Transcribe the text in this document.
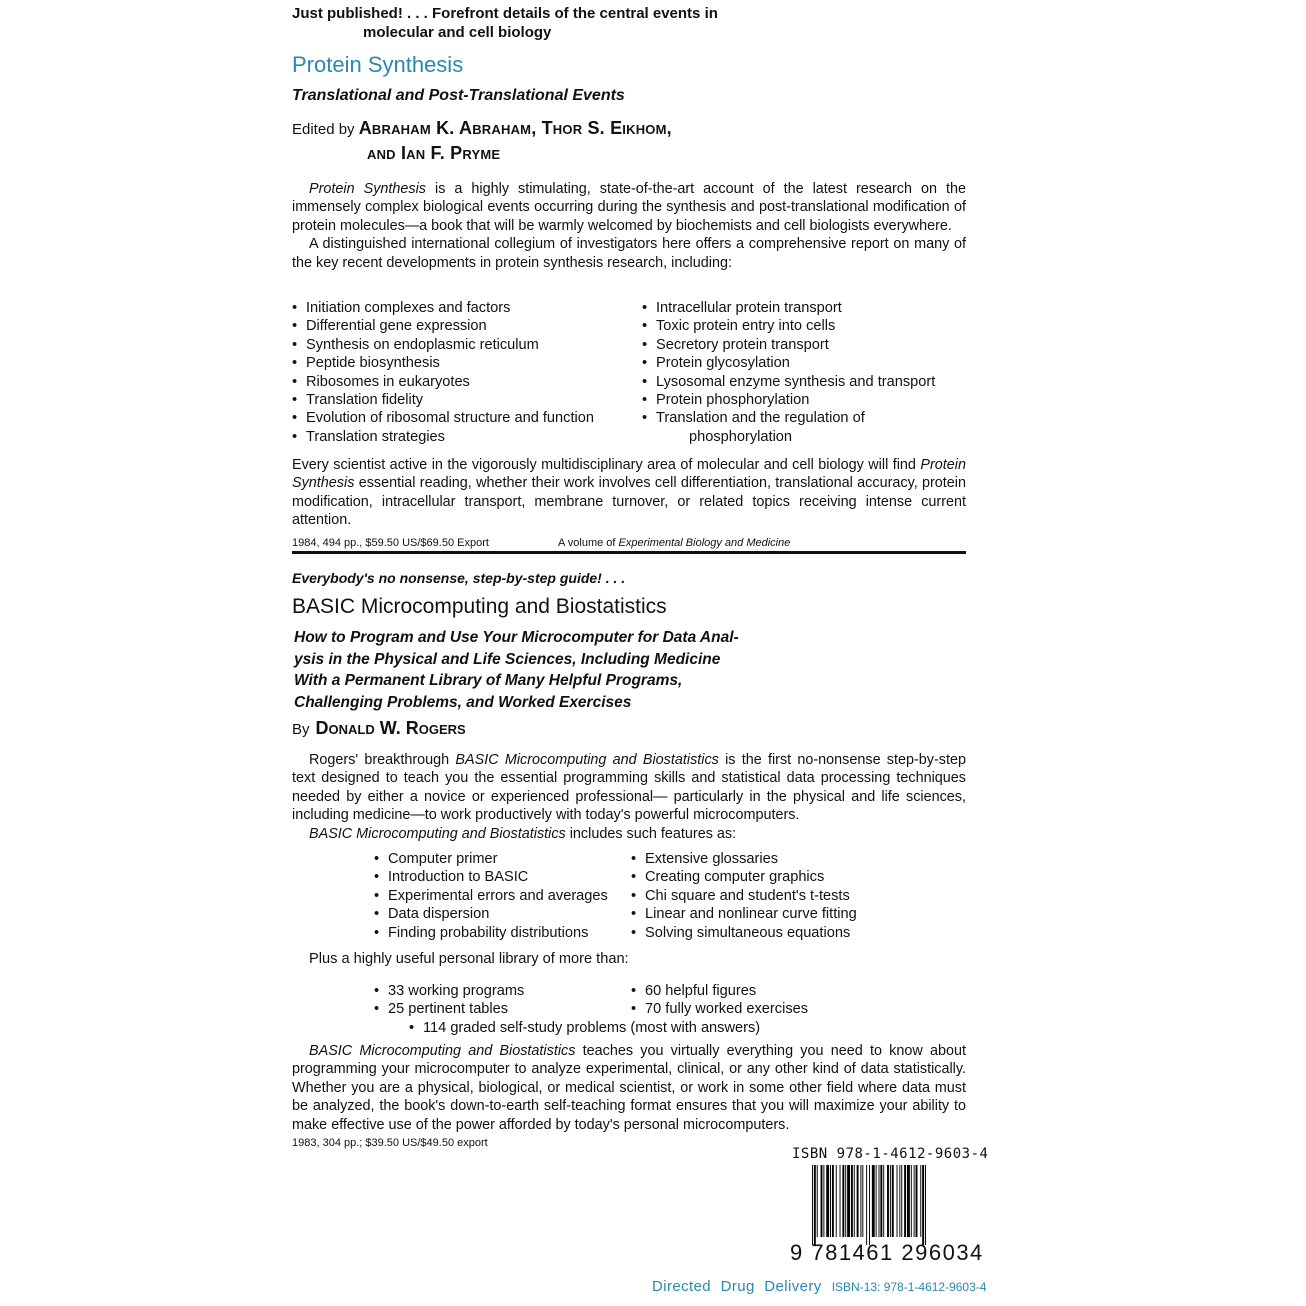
Just published! . . . Forefront details of the central events in
molecular and cell biology
Protein Synthesis
Translational and Post-Translational Events
Edited by Abraham K. Abraham, Thor S. Eikhom,
and Ian F. Pryme

Protein Synthesis is a highly stimulating, state-of-the-art account of the latest research on the immensely complex biological events occurring during the synthesis and post-translational modification of protein molecules—a book that will be warmly welcomed by biochemists and cell biologists everywhere.

A distinguished international collegium of investigators here offers a comprehensive report on many of the key recent developments in protein synthesis research, including:

• Initiation complexes and factors
• Differential gene expression
• Synthesis on endoplasmic reticulum
• Peptide biosynthesis
• Ribosomes in eukaryotes
• Translation fidelity
• Evolution of ribosomal structure and function
• Translation strategies
• Intracellular protein transport
• Toxic protein entry into cells
• Secretory protein transport
• Protein glycosylation
• Lysosomal enzyme synthesis and transport
• Protein phosphorylation
• Translation and the regulation of
phosphorylation

Every scientist active in the vigorously multidisciplinary area of molecular and cell biology will find Protein Synthesis essential reading, whether their work involves cell differentiation, translational accuracy, protein modification, intracellular transport, membrane turnover, or related topics receiving intense current attention.

1984, 494 pp., $59.50 US/$69.50 Export	A volume of Experimental Biology and Medicine
Everybody's no nonsense, step-by-step guide! . . .
BASIC Microcomputing and Biostatistics
How to Program and Use Your Microcomputer for Data Anal-
ysis in the Physical and Life Sciences, Including Medicine
With a Permanent Library of Many Helpful Programs,
Challenging Problems, and Worked Exercises
By Donald W. Rogers

Rogers' breakthrough BASIC Microcomputing and Biostatistics is the first no-nonsense step-by-step text designed to teach you the essential programming skills and statistical data processing techniques needed by either a novice or experienced professional— particularly in the physical and life sciences, including medicine—to work productively with today's powerful microcomputers.

BASIC Microcomputing and Biostatistics includes such features as:

• Computer primer
• Introduction to BASIC
• Experimental errors and averages
• Data dispersion
• Finding probability distributions
• Extensive glossaries
• Creating computer graphics
• Chi square and student's t-tests
• Linear and nonlinear curve fitting
• Solving simultaneous equations
Plus a highly useful personal library of more than:
• 33 working programs
• 25 pertinent tables
• 60 helpful figures
• 70 fully worked exercises
• 114 graded self-study problems (most with answers)

BASIC Microcomputing and Biostatistics teaches you virtually everything you need to know about programming your microcomputer to analyze experimental, clinical, or any other kind of data statistically. Whether you are a physical, biological, or medical scientist, or work in some other field where data must be analyzed, the book's down-to-earth self-teaching format ensures that you will maximize your ability to make effective use of the power afforded by today's personal microcomputers.

1983, 304 pp.; $39.50 US/$49.50 export
ISBN 978-1-4612-9603-4
9 781461 296034
Directed Drug Delivery ISBN-13: 978-1-4612-9603-4
